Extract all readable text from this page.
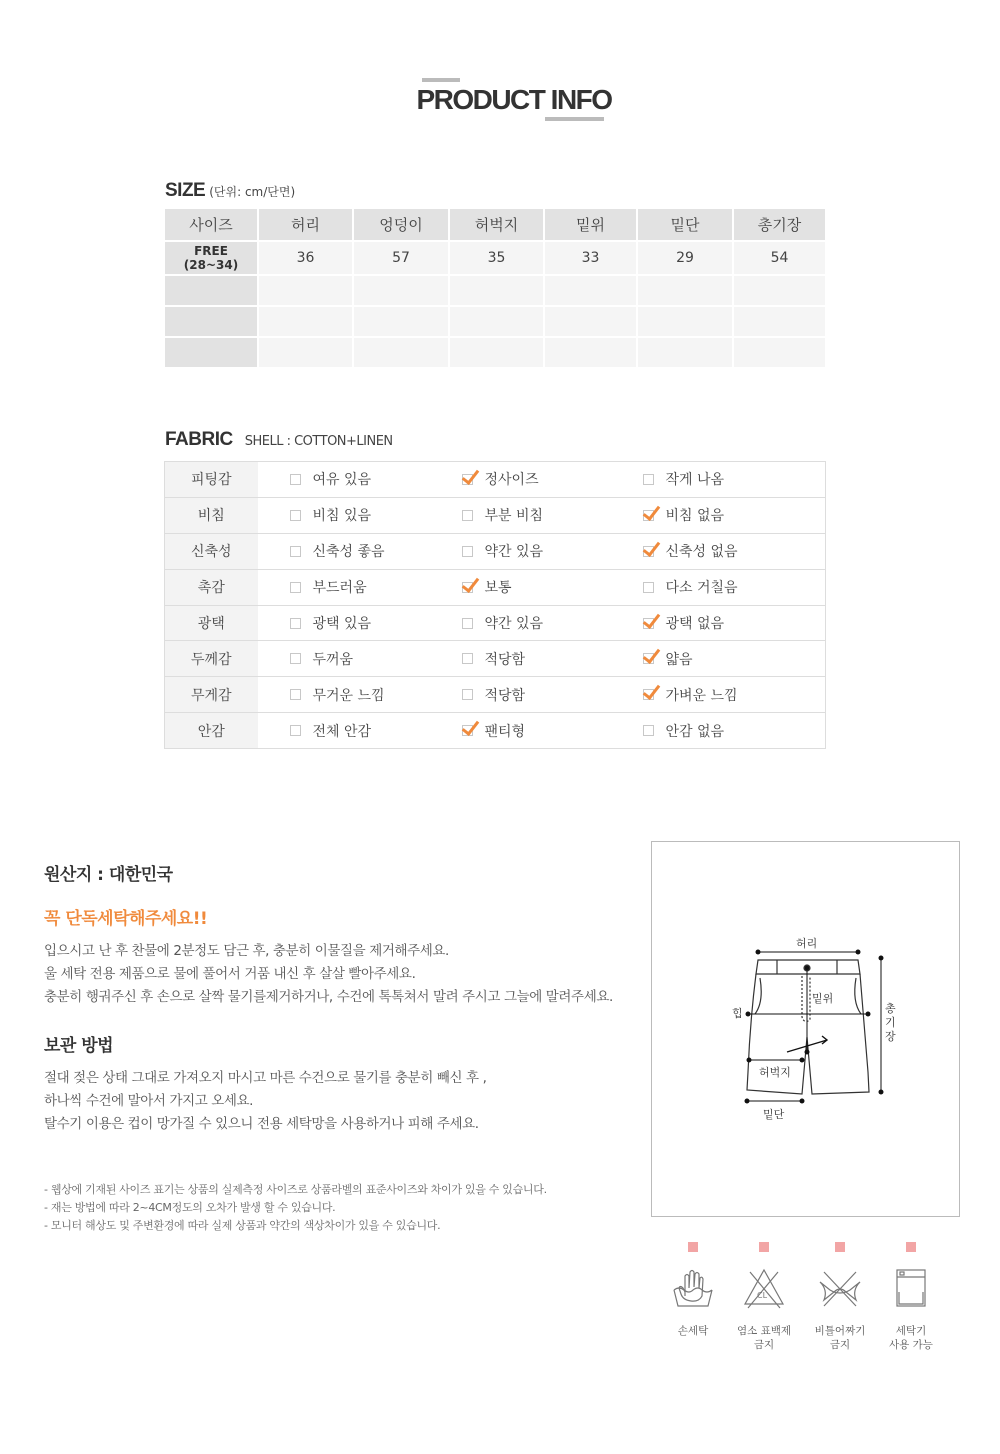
PRODUCT INFO
SIZE (단위: cm/단면)
사이즈	허리	엉덩이	허벅지	밑위	밑단	총기장
FREE
(28~34)	36	57	35	33	29	54

FABRIC SHELL : COTTON+LINEN
피팅감	여유 있음	정사이즈	작게 나옴
비침	비침 있음	부분 비침	비침 없음
신축성	신축성 좋음	약간 있음	신축성 없음
촉감	부드러움	보통	다소 거칠음
광택	광택 있음	약간 있음	광택 없음
두께감	두꺼움	적당함	얇음
무게감	무거운 느낌	적당함	가벼운 느낌
안감	전체 안감	팬티형	안감 없음
원산지 : 대한민국
꼭 단독세탁해주세요!!
입으시고 난 후 찬물에 2분정도 담근 후, 충분히 이물질을 제거해주세요.
울 세탁 전용 제품으로 물에 풀어서 거품 내신 후 살살 빨아주세요.
충분히 행궈주신 후 손으로 살짝 물기를제거하거나, 수건에 톡톡쳐서 말려 주시고 그늘에 말려주세요.
보관 방법
절대 젖은 상태 그대로 가져오지 마시고 마른 수건으로 물기를 충분히 빼신 후 ,
하나씩 수건에 말아서 가지고 오세요.
탈수기 이용은 컵이 망가질 수 있으니 전용 세탁망을 사용하거나 피해 주세요.
- 웹상에 기재된 사이즈 표기는 상품의 실제측정 사이즈로 상품라벨의 표준사이즈와 차이가 있을 수 있습니다.
- 재는 방법에 따라 2~4CM정도의 오차가 발생 할 수 있습니다.
- 모니터 해상도 및 주변환경에 따라 실제 상품과 약간의 색상차이가 있을 수 있습니다.
허리
힙
밑위
총기장
허벅지
밑단
손세탁
CL
염소 표백제
금지
비틀어짜기
금지
세탁기
사용 가능
